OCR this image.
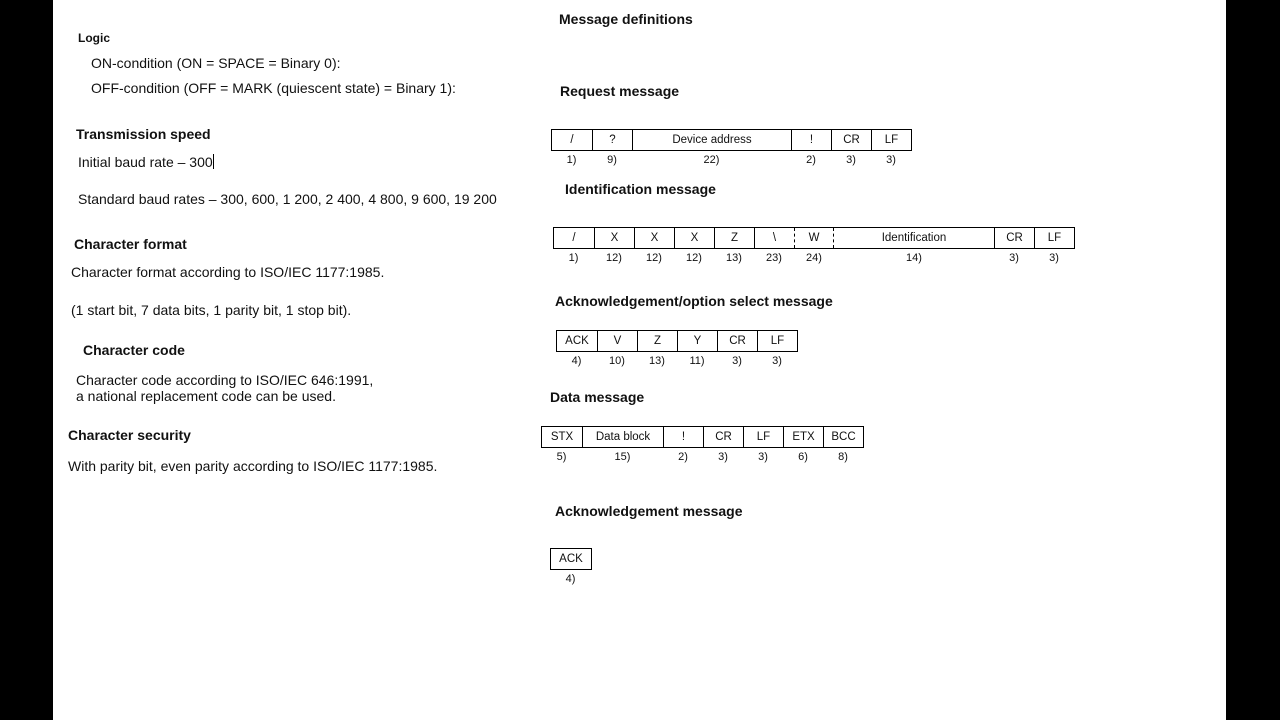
Logic
ON-condition (ON = SPACE = Binary 0):
OFF-condition (OFF = MARK (quiescent state) = Binary 1):
Transmission speed
Initial baud rate – 300
Standard baud rates – 300, 600, 1 200, 2 400, 4 800, 9 600, 19 200
Character format
Character format according to ISO/IEC 1177:1985.
(1 start bit, 7 data bits, 1 parity bit, 1 stop bit).
Character code
Character code according to ISO/IEC 646:1991,
a national replacement code can be used.
Character security
With parity bit, even parity according to ISO/IEC 1177:1985.
Message definitions
Request message
/	?	Device address	!	CR	LF
1)	9)	22)	2)	3)	3)
Identification message
/	X	X	X	Z	\	W	Identification	CR	LF
1)	12)	12)	12)	13)	23)	24)	14)	3)	3)
Acknowledgement/option select message
ACK	V	Z	Y	CR	LF
4)	10)	13)	11)	3)	3)
Data message
STX	Data block	!	CR	LF	ETX	BCC
5)	15)	2)	3)	3)	6)	8)
Acknowledgement message
ACK
4)
